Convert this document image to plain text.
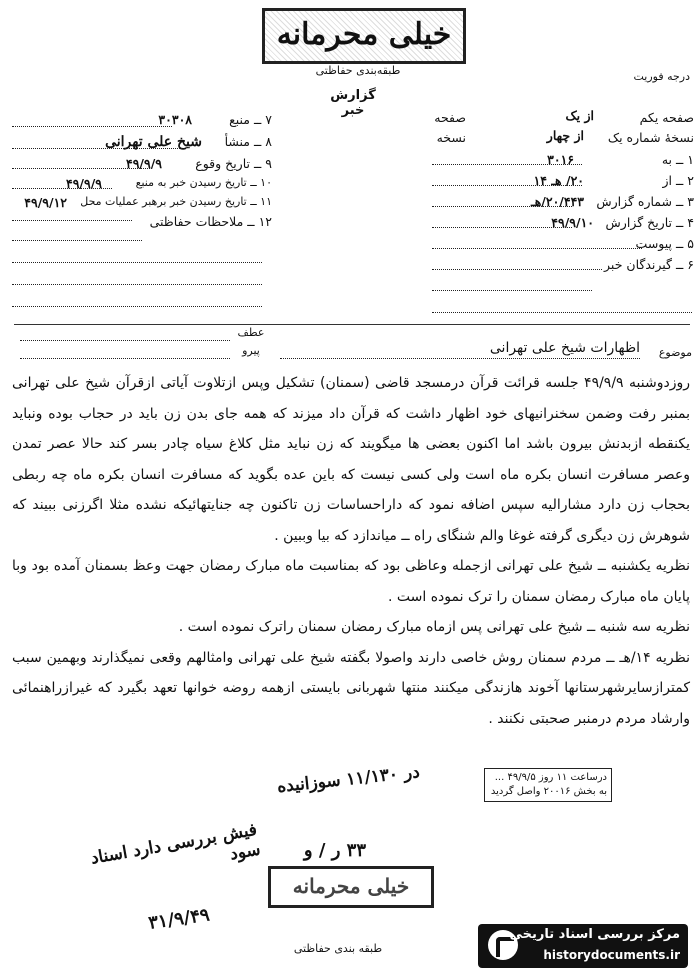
خیلی محرمانه
طبقه‌بندی حفاظتی	درجه فوریت
گزارش خبر	صفحه یکم
از یک
صفحه
نسخهٔ شماره یک
از چهار
نسخه
۱ ــ به
۳۰۱۶
۲ ــ از
۲۰/ هـ ۱۴
۳ ــ شماره گزارش
۲۰/۴۴۳/هـ
۴ ــ تاریخ گزارش
۴۹/۹/۱۰
۵ ــ پیوست
۶ ــ گیرندگان خبر
۷ ــ منبع
۳۰۳۰۸
۸ ــ منشأ
شیخ علی تهرانی
۹ ــ تاریخ وقوع
۴۹/۹/۹
۱۰ ــ تاریخ رسیدن خبر به منبع
۴۹/۹/۹
۱۱ ــ تاریخ رسیدن خبر برهبر عملیات محل
۴۹/۹/۱۲
۱۲ ــ ملاحظات حفاظتی
عطف
پیرو	موضوع
اظهارات شیخ علی تهرانی

روزدوشنبه ۴۹/۹/۹ جلسه قرائت قرآن درمسجد قاضی (سمنان) تشکیل وپس ازتلاوت آیاتی ازقرآن شیخ علی تهرانی بمنبر رفت وضمن سخنرانیهای خود اظهار داشت که قرآن داد میزند که همه جای بدن زن باید در حجاب بوده ونباید یکنقطه ازبدنش بیرون باشد اما اکنون بعضی ها میگویند که زن نباید مثل کلاغ سیاه چادر بسر کند حالا عصر تمدن وعصر مسافرت انسان بکره ماه است ولی کسی نیست که باین عده بگوید که مسافرت انسان بکره ماه چه ربطی بحجاب زن دارد مشارالیه سپس اضافه نمود که داراحساسات زن تاکنون چه جنایتهائیکه نشده مثلا اگرزنی ببیند که شوهرش زن دیگری گرفته غوغا والم شنگای راه ــ میاندازد که بیا وببین .

نظریه یکشنبه ــ شیخ علی تهرانی ازجمله وعاظی بود که بمناسبت ماه مبارک رمضان جهت وعظ بسمنان آمده بود وبا پایان ماه مبارک رمضان سمنان را ترک نموده است .

نظریه سه شنبه ــ شیخ علی تهرانی پس ازماه مبارک رمضان سمنان راترک نموده است .

نظریه ۱۴/هـ ــ مردم سمنان روش خاصی دارند واصولا بگفته شیخ علی تهرانی وامثالهم وقعی نمیگذارند وبهمین سبب کمترازسایرشهرستانها آخوند هازندگی میکنند منتها شهربانی بایستی ازهمه روضه خوانها تعهد بگیرد که غیرازراهنمائی وارشاد مردم درمنبر صحبتی نکنند .

در ۱۱/۱۳۰ سوزانیده	درساعت ۱۱ روز ۴۹/۹/۵ ...
به بخش ۲۰۰۱۶ واصل گردید
فیش بررسی دارد اسناد سود
۳۱/۹/۴۹
۳۳ ر / و
خیلی محرمانه
طبقه بندی حفاظتی
مرکز بررسی اسناد تاریخی
historydocuments.ir
